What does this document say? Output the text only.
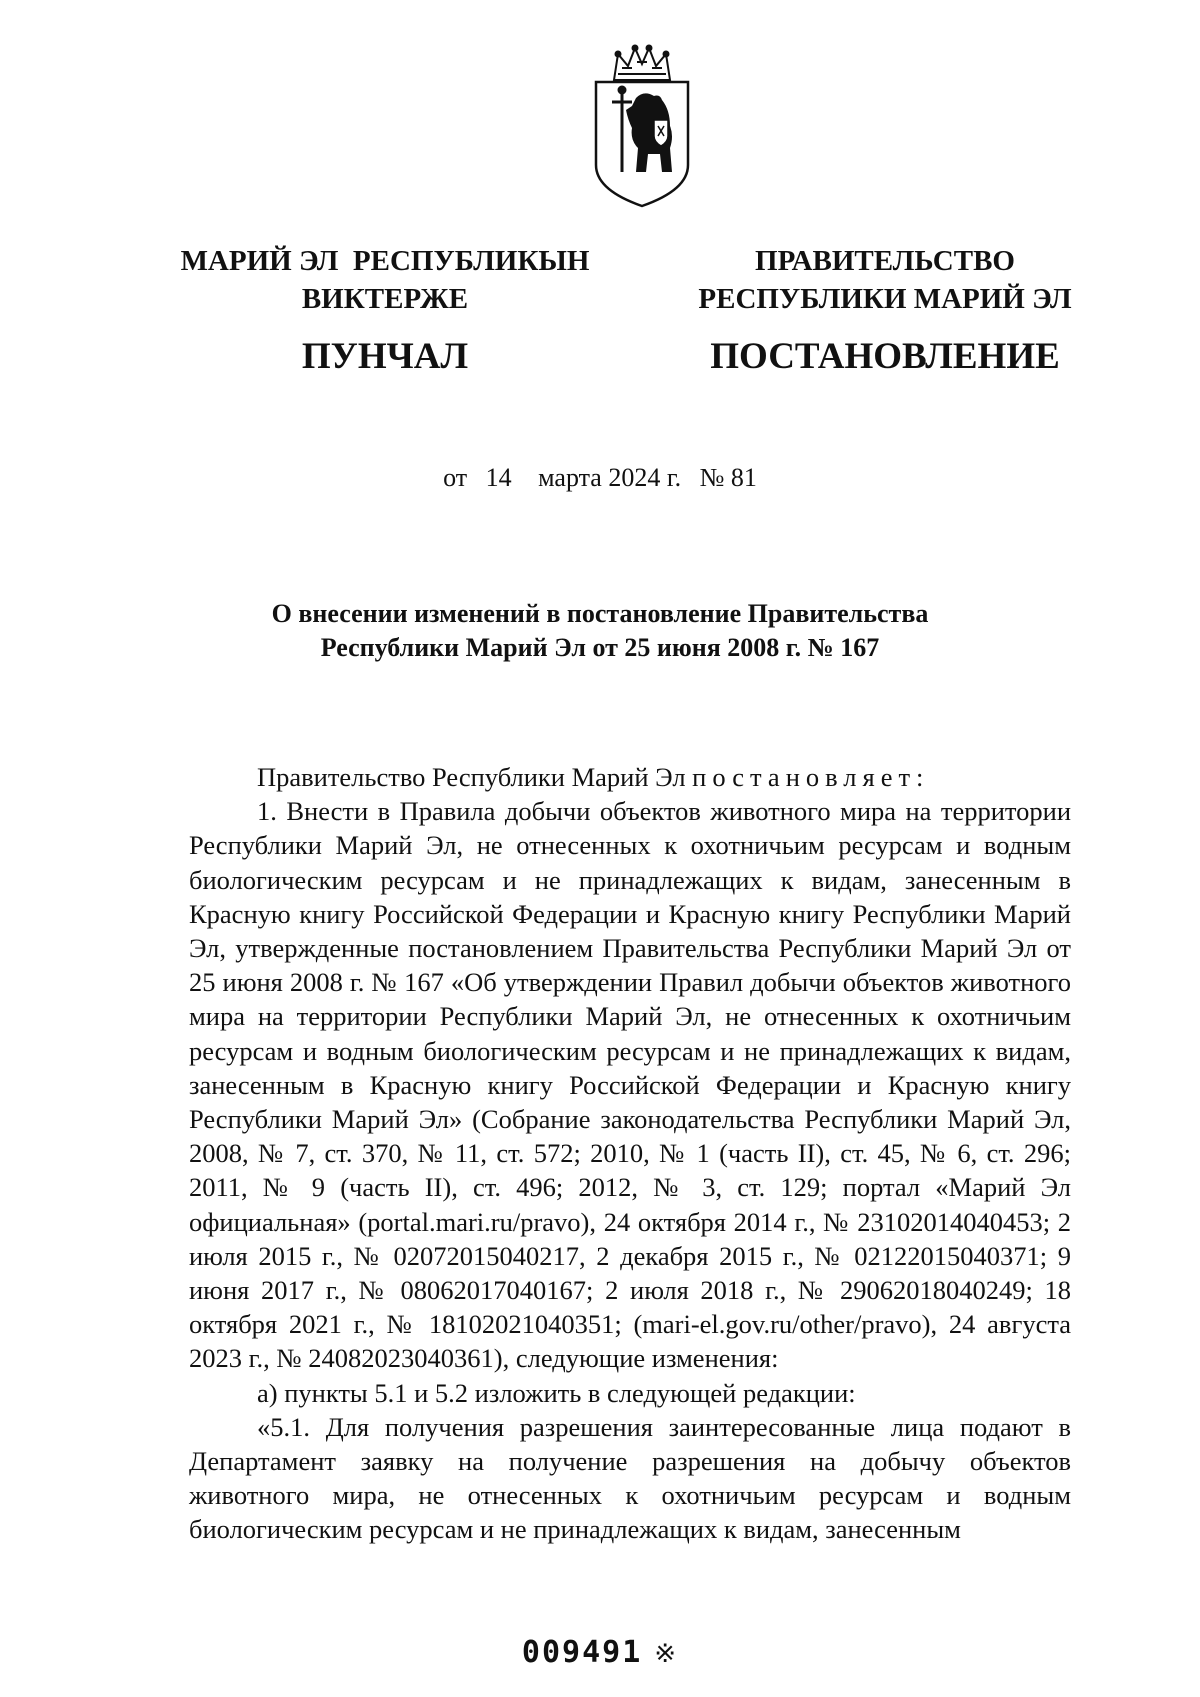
МАРИЙ ЭЛ  РЕСПУБЛИКЫН
ВИКТЕРЖЕ
ПУНЧАЛ
ПРАВИТЕЛЬСТВО
РЕСПУБЛИКИ МАРИЙ ЭЛ
ПОСТАНОВЛЕНИЕ
от 14 марта 2024 г. № 81
О внесении изменений в постановление Правительства
Республики Марий Эл от 25 июня 2008 г. № 167

Правительство Республики Марий Эл постановляет:

1. Внести в Правила добычи объектов животного мира на территории Республики Марий Эл, не отнесенных к охотничьим ресурсам и водным биологическим ресурсам и не принадлежащих к видам, занесенным в Красную книгу Российской Федерации и Красную книгу Республики Марий Эл, утвержденные постановлением Правительства Республики Марий Эл от 25 июня 2008 г. № 167 «Об утверждении Правил добычи объектов животного мира на территории Республики Марий Эл, не отнесенных к охотничьим ресурсам и водным биологическим ресурсам и не принадлежащих к видам, занесенным в Красную книгу Российской Федерации и Красную книгу Республики Марий Эл» (Собрание законодательства Республики Марий Эл, 2008, № 7, ст. 370, № 11, ст. 572; 2010, № 1 (часть II), ст. 45, № 6, ст. 296; 2011, № 9 (часть II), ст. 496; 2012, № 3, ст. 129; портал «Марий Эл официальная» (portal.mari.ru/pravo), 24 октября 2014 г., № 23102014040453; 2 июля 2015 г., № 02072015040217, 2 декабря 2015 г., № 02122015040371; 9 июня 2017 г., № 08062017040167; 2 июля 2018 г., № 29062018040249; 18 октября 2021 г., № 18102021040351; (mari-el.gov.ru/other/pravo), 24 августа 2023 г., № 24082023040361), следующие изменения:

а) пункты 5.1 и 5.2 изложить в следующей редакции:

«5.1. Для получения разрешения заинтересованные лица подают в Департамент заявку на получение разрешения на добычу объектов животного мира, не отнесенных к охотничьим ресурсам и водным биологическим ресурсам и не принадлежащих к видам, занесенным

009491 ※
